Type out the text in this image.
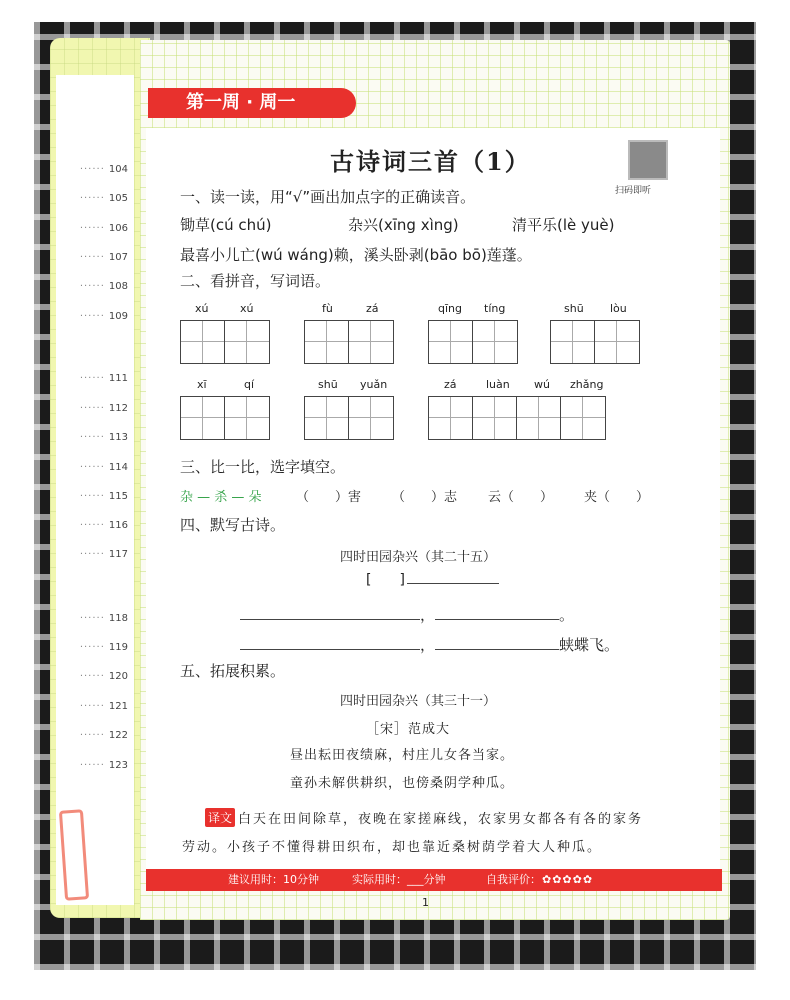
······ 104
······ 105
······ 106
······ 107
······ 108
······ 109
······ 111
······ 112
······ 113
······ 114
······ 115
······ 116
······ 117
······ 118
······ 119
······ 120
······ 121
······ 122
······ 123
第一周 · 周一
古诗词三首（1）
扫码即听
一、读一读，用“√”画出加点字的正确读音。
锄草(cú chú)	杂兴(xīng xìng)	清平乐(lè yuè)
最喜小儿亡(wú wáng)赖，溪头卧剥(bāo bō)莲蓬。
二、看拼音，写词语。
xú	xú	fù	zá	qīng tíng	shū lòu
xī	qí	shū yuǎn	zá	luàn wú zhǎng
三、比一比，选字填空。
杂 — 杀 — 朵	（　　）害 （　　）志 云（　　） 夹（　　）
四、默写古诗。
四时田园杂兴（其二十五）
[ ]
，	。
，	蛱蝶飞。
五、拓展积累。
四时田园杂兴（其三十一）
［宋］范成大
昼出耘田夜绩麻，村庄儿女各当家。
童孙未解供耕织，也傍桑阴学种瓜。
译文 白天在田间除草，夜晚在家搓麻线，农家男女都各有各的家务
劳动。小孩子不懂得耕田织布，却也靠近桑树荫学着大人种瓜。
建议用时：10分钟	实际用时：___分钟	自我评价： ✿✿✿✿✿
1
